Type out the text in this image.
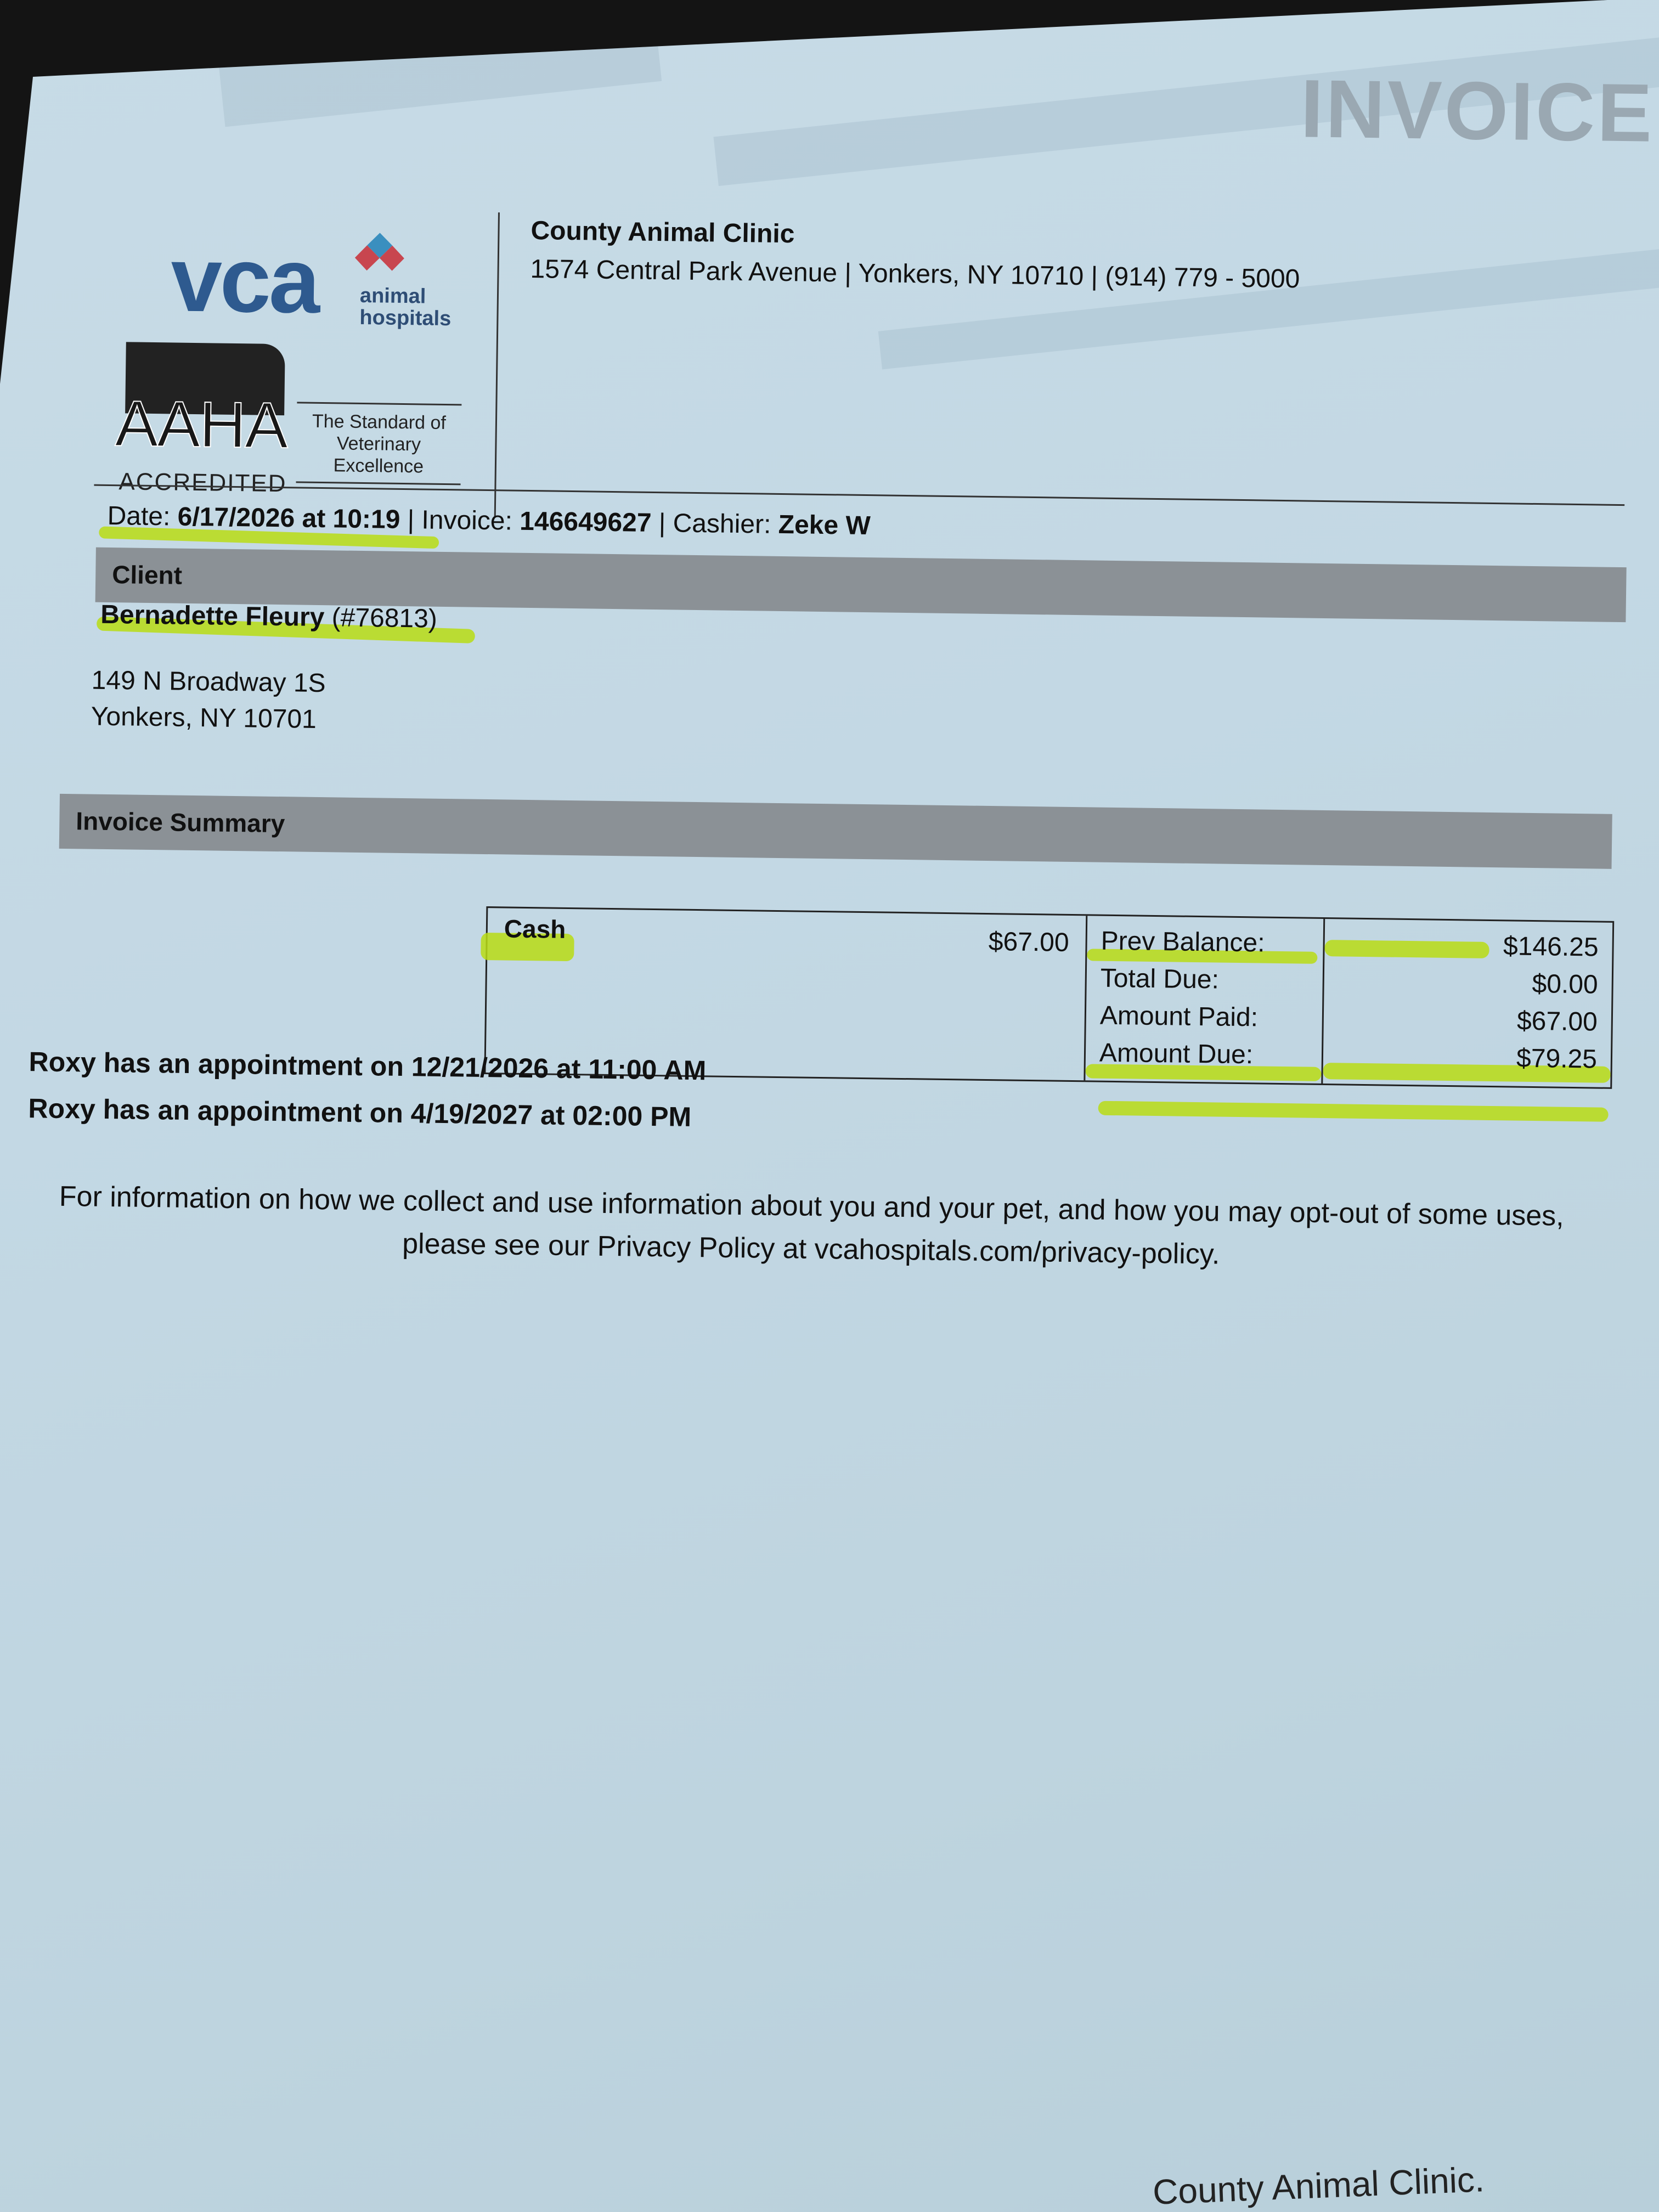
INVOICE
vca animal
hospitals
AAHA
ACCREDITED
The Standard of
Veterinary Excellence
County Animal Clinic
1574 Central Park Avenue | Yonkers, NY 10710 | (914) 779 - 5000
Date: 6/17/2026 at 10:19 | Invoice: 146649627 | Cashier: Zeke W
Client
Bernadette Fleury (#76813)
149 N Broadway 1S
Yonkers, NY 10701
Invoice Summary
Cash	$67.00 Prev Balance:
Total Due:
Amount Paid:
Amount Due:
$146.25
$0.00
$67.00
$79.25
Roxy has an appointment on 12/21/2026 at 11:00 AM
Roxy has an appointment on 4/19/2027 at 02:00 PM
For information on how we collect and use information about you and your pet, and how you may opt-out of some uses,
please see our Privacy Policy at vcahospitals.com/privacy-policy.
County Animal Clinic.
